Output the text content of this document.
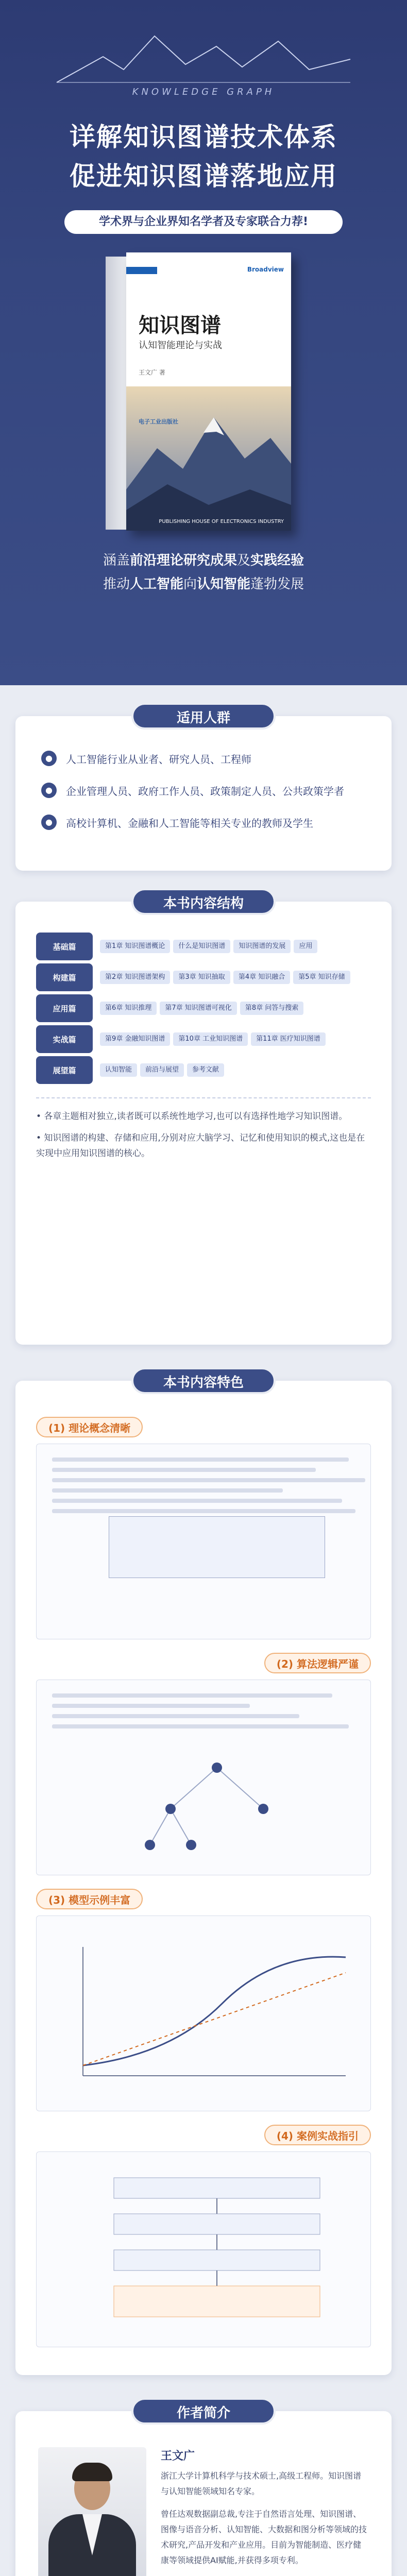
KNOWLEDGE GRAPH
详解知识图谱技术体系
促进知识图谱落地应用
学术界与企业界知名学者及专家联合力荐!
Broadview
知识图谱
认知智能理论与实战
王文广 著
电子工业出版社
PUBLISHING HOUSE OF ELECTRONICS INDUSTRY
涵盖前沿理论研究成果及实践经验
推动人工智能向认知智能蓬勃发展
适用人群
●	人工智能行业从业者、研究人员、工程师
●	企业管理人员、政府工作人员、政策制定人员、公共政策学者
●	高校计算机、金融和人工智能等相关专业的教师及学生
本书内容结构
基础篇	第1章 知识图谱概论	什么是知识图谱	知识图谱的发展	应用
构建篇	第2章 知识图谱架构	第3章 知识抽取	第4章 知识融合	第5章 知识存储
应用篇	第6章 知识推理	第7章 知识图谱可视化	第8章 问答与搜索
实战篇	第9章 金融知识图谱	第10章 工业知识图谱	第11章 医疗知识图谱
展望篇	认知智能	前沿与展望	参考文献

• 各章主题相对独立,读者既可以系统性地学习,也可以有选择性地学习知识图谱。

• 知识图谱的构建、存储和应用,分别对应大脑学习、记忆和使用知识的模式,这也是在实现中应用知识图谱的核心。

本书内容特色
(1) 理论概念清晰
(2) 算法逻辑严谨
(3) 模型示例丰富
(4) 案例实战指引
作者简介
王文广

浙江大学计算机科学与技术硕士,高级工程师。知识图谱与认知智能领域知名专家。

曾任达观数据副总裁,专注于自然语言处理、知识图谱、图像与语音分析、认知智能、大数据和图分析等领域的技术研究,产品开发和产业应用。目前为智能制造、医疗健康等领域提供AI赋能,并获得多项专利。
